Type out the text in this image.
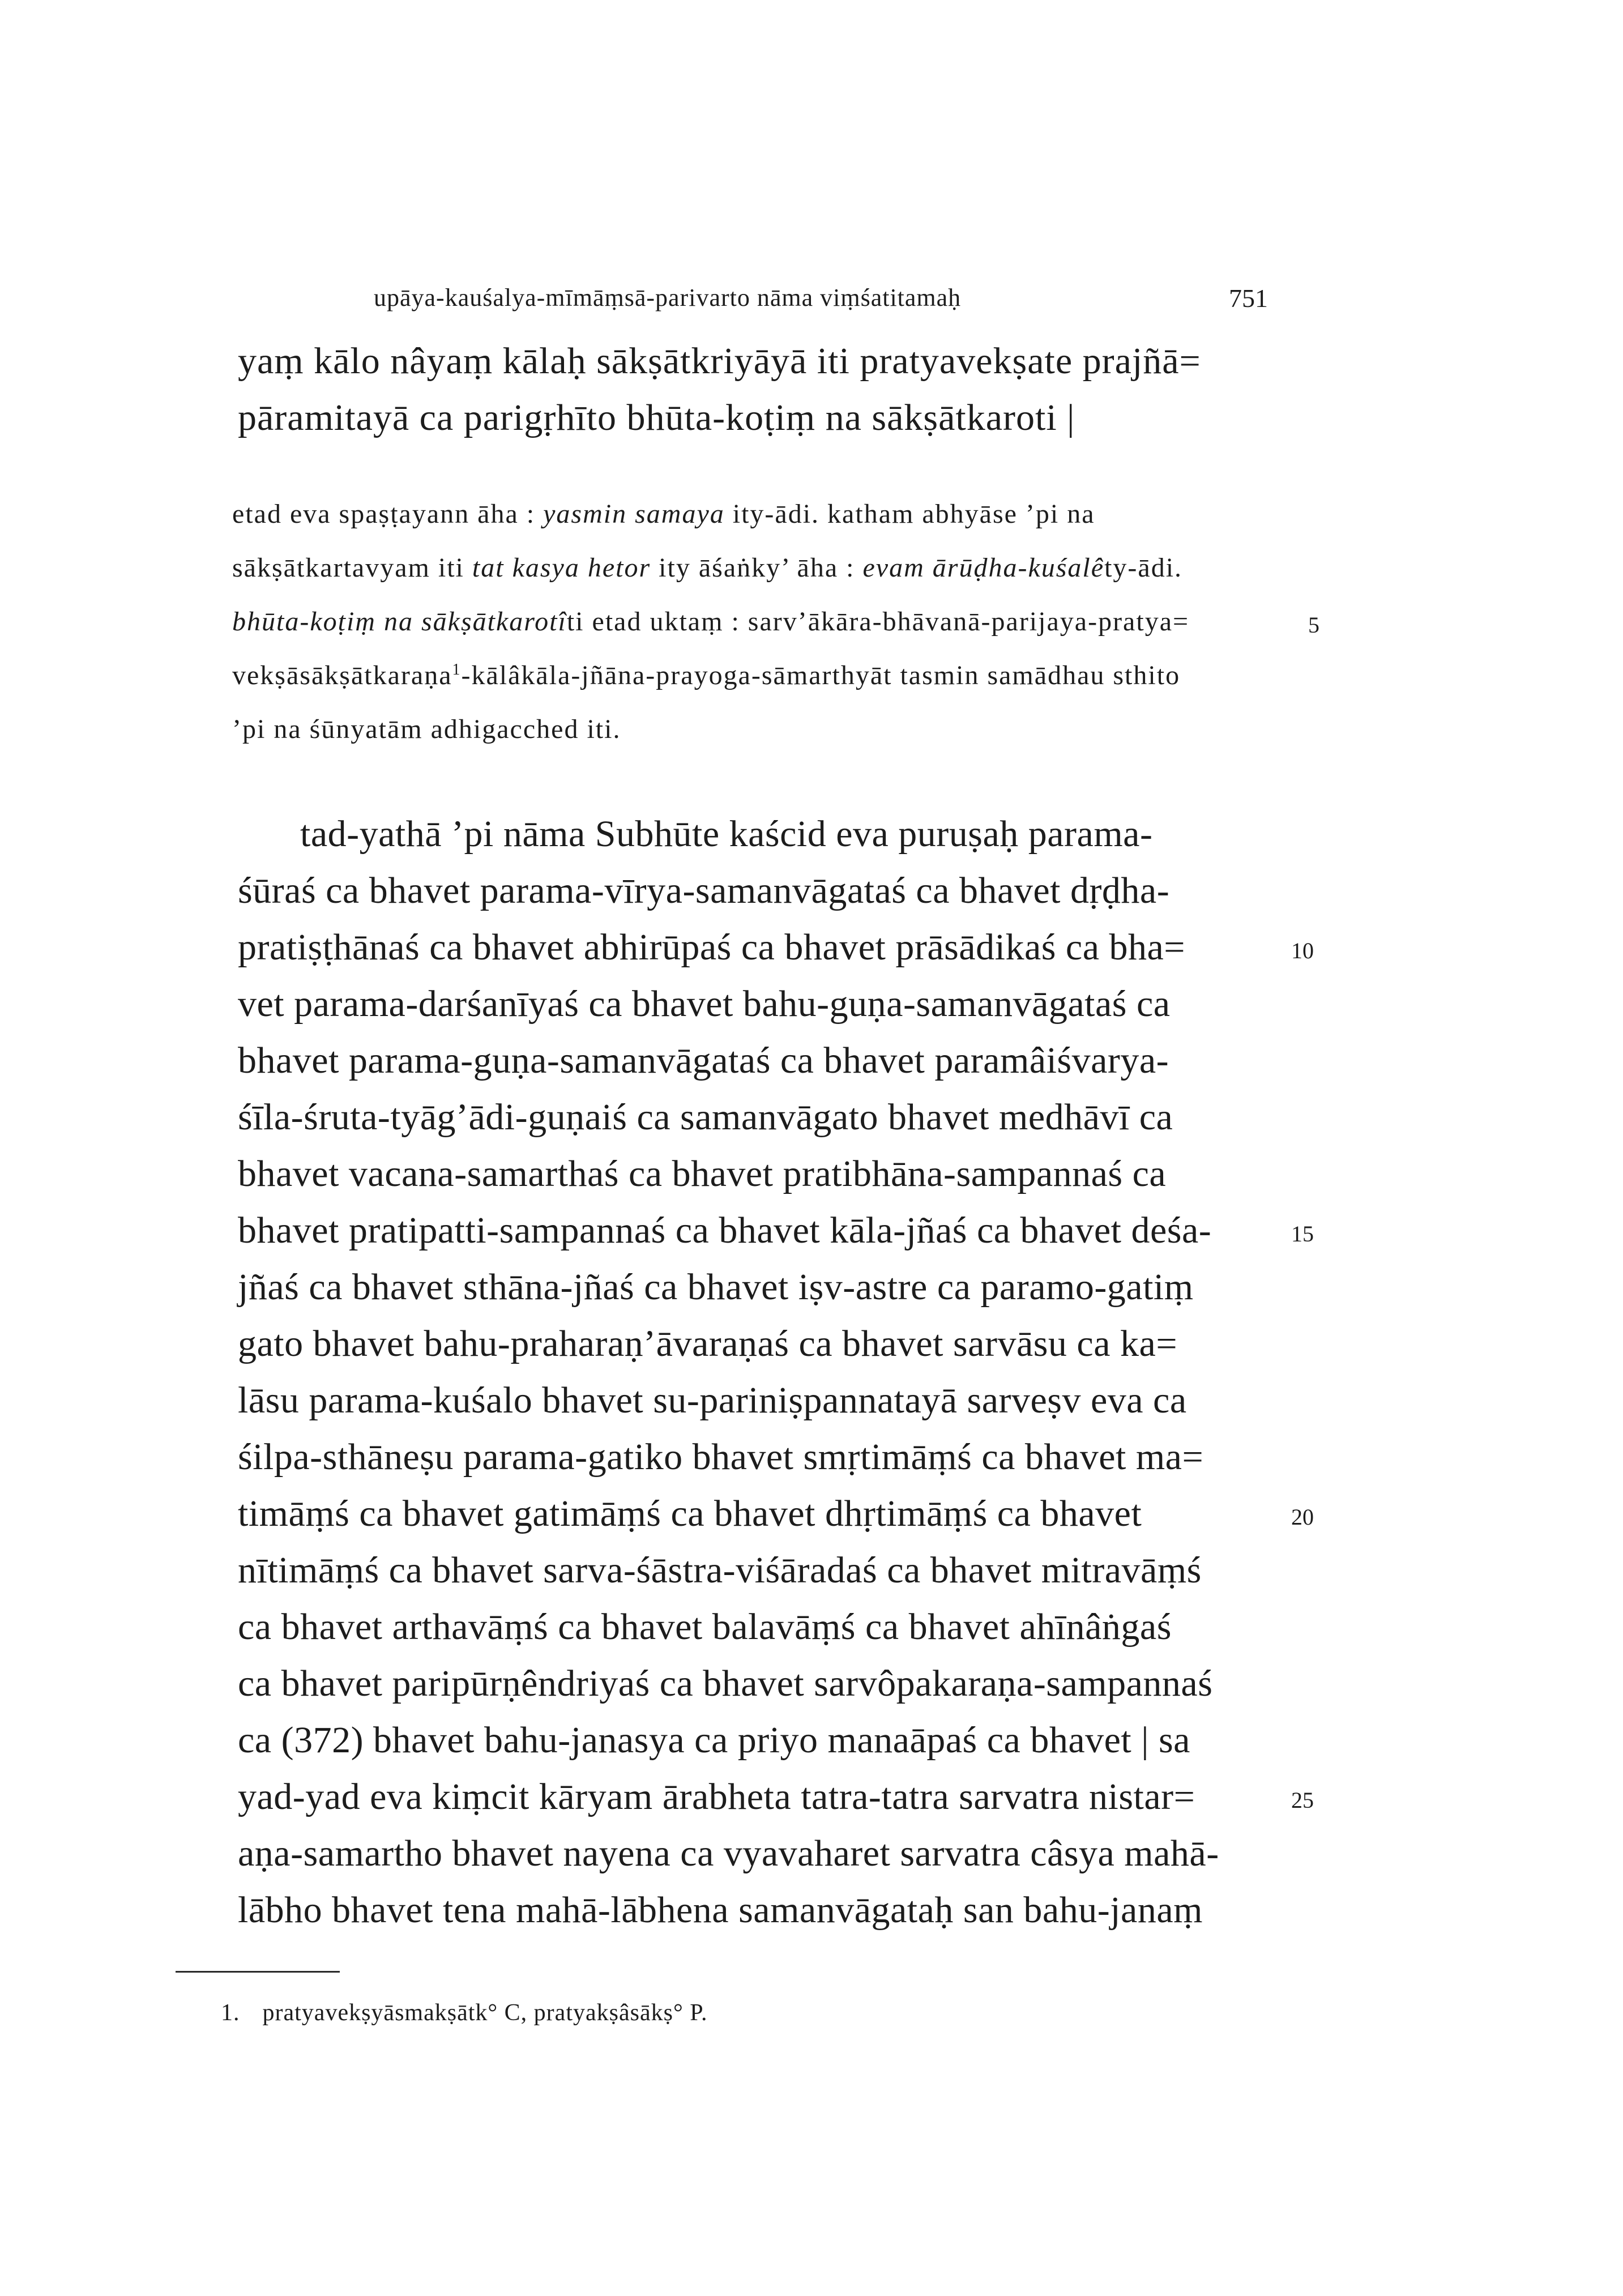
upāya-kauśalya-mīmāṃsā-parivarto nāma viṃśatitamaḥ	751
yaṃ kālo nâyaṃ kālaḥ sākṣātkriyāyā iti pratyavekṣate prajñā=
pāramitayā ca parigṛhīto bhūta-koṭiṃ na sākṣātkaroti |
etad eva spaṣṭayann āha : yasmin samaya ity-ādi. katham abhyāse ’pi na
sākṣātkartavyam iti tat kasya hetor ity āśaṅky’ āha : evam ārūḍha-kuśalêty-ādi.
bhūta-koṭiṃ na sākṣātkarotîti etad uktaṃ : sarv’ākāra-bhāvanā-parijaya-pratya=
vekṣāsākṣātkaraṇa$^1$-kālâkāla-jñāna-prayoga-sāmarthyāt tasmin samādhau sthito
’pi na śūnyatām adhigacched iti.
tad-yathā ’pi nāma Subhūte kaścid eva puruṣaḥ parama-
śūraś ca bhavet parama-vīrya-samanvāgataś ca bhavet dṛḍha-
pratiṣṭhānaś ca bhavet abhirūpaś ca bhavet prāsādikaś ca bha=
vet parama-darśanīyaś ca bhavet bahu-guṇa-samanvāgataś ca
bhavet parama-guṇa-samanvāgataś ca bhavet paramâiśvarya-
śīla-śruta-tyāg’ādi-guṇaiś ca samanvāgato bhavet medhāvī ca
bhavet vacana-samarthaś ca bhavet pratibhāna-sampannaś ca
bhavet pratipatti-sampannaś ca bhavet kāla-jñaś ca bhavet deśa-
jñaś ca bhavet sthāna-jñaś ca bhavet iṣv-astre ca paramo-gatiṃ
gato bhavet bahu-praharaṇ’āvaraṇaś ca bhavet sarvāsu ca ka=
lāsu parama-kuśalo bhavet su-pariniṣpannatayā sarveṣv eva ca
śilpa-sthāneṣu parama-gatiko bhavet smṛtimāṃś ca bhavet ma=
timāṃś ca bhavet gatimāṃś ca bhavet dhṛtimāṃś ca bhavet
nītimāṃś ca bhavet sarva-śāstra-viśāradaś ca bhavet mitravāṃś
ca bhavet arthavāṃś ca bhavet balavāṃś ca bhavet ahīnâṅgaś
ca bhavet paripūrṇêndriyaś ca bhavet sarvôpakaraṇa-sampannaś
ca (372) bhavet bahu-janasya ca priyo manaāpaś ca bhavet | sa
yad-yad eva kiṃcit kāryam ārabheta tatra-tatra sarvatra nistar=
aṇa-samartho bhavet nayena ca vyavaharet sarvatra câsya mahā-
lābho bhavet tena mahā-lābhena samanvāgataḥ san bahu-janaṃ
5
10
15
20
25
1. pratyavekṣyāsmakṣātk° C, pratyakṣâsākṣ° P.
